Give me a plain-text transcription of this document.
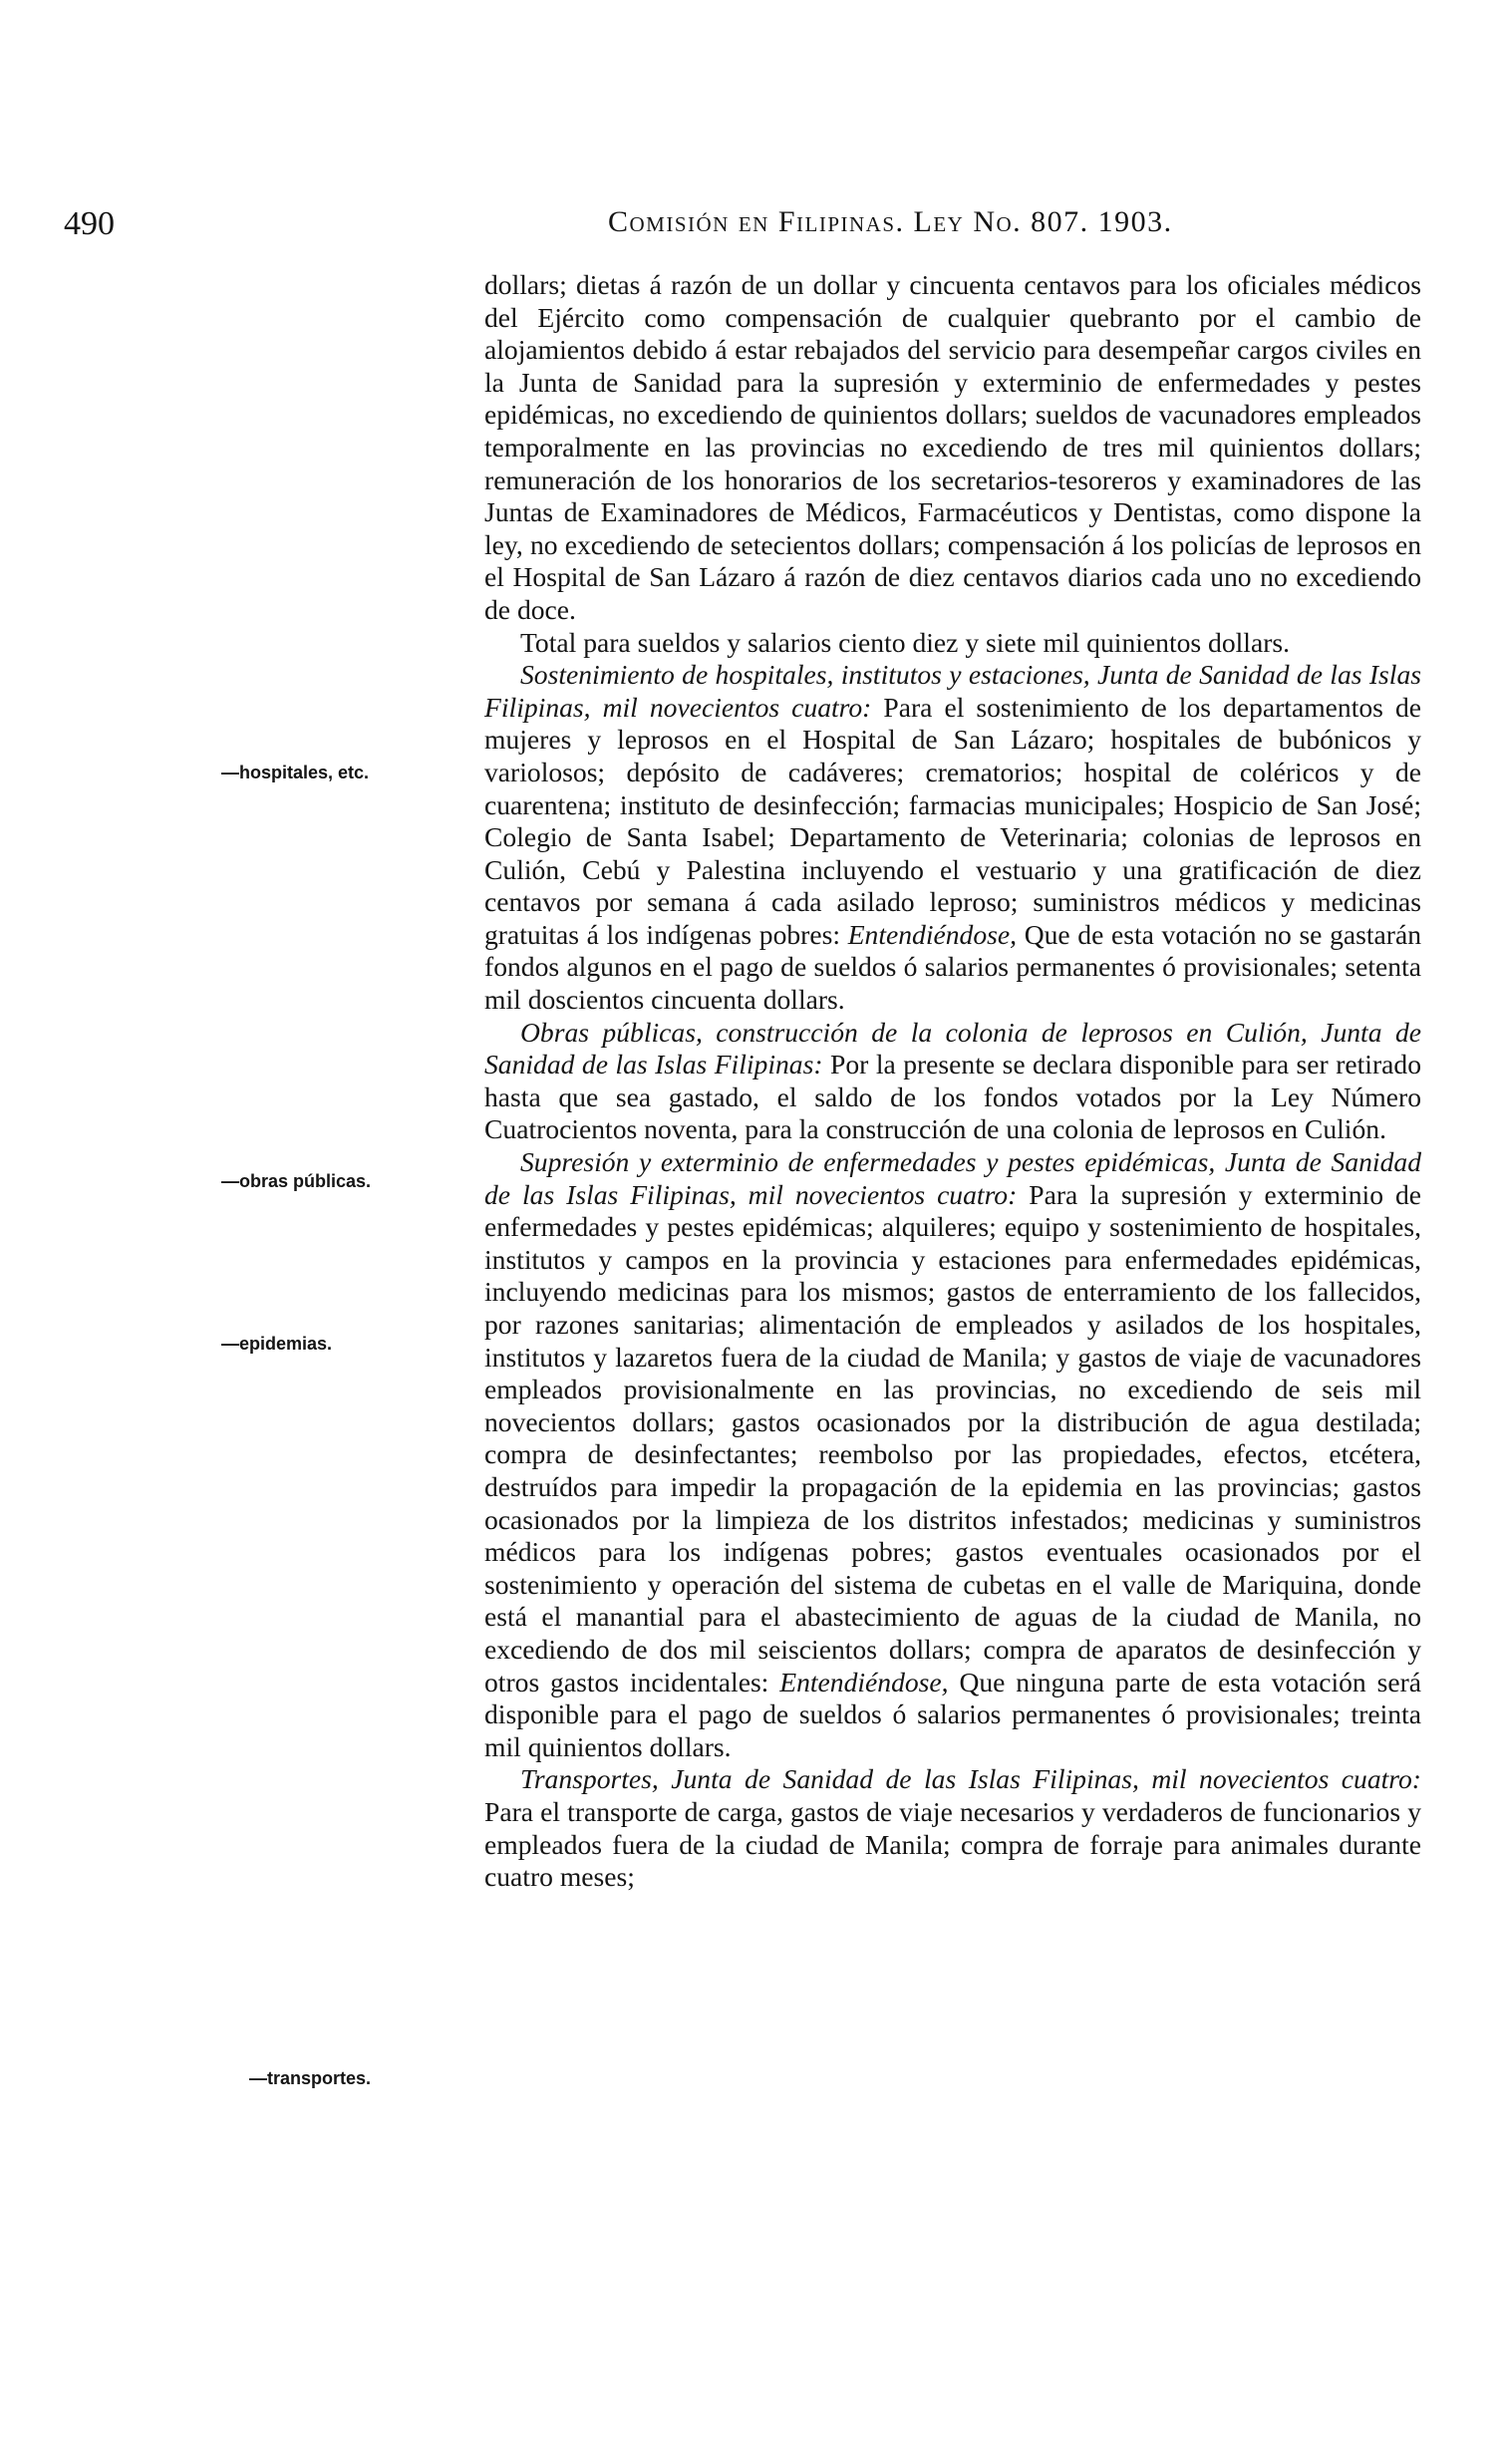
490	Comisión en Filipinas. Ley No. 807. 1903.
—hospitales, etc.
—obras públicas.
—epidemias.
—transportes.

dollars; dietas á razón de un dollar y cincuenta centavos para los oficiales médicos del Ejército como compensación de cualquier quebranto por el cambio de alojamientos debido á estar rebajados del servicio para desempeñar cargos civiles en la Junta de Sanidad para la supresión y exterminio de enfermedades y pestes epidémicas, no excediendo de quinientos dollars; sueldos de vacunadores empleados temporalmente en las provincias no excediendo de tres mil quinientos dollars; remuneración de los honorarios de los secretarios-tesoreros y examinadores de las Juntas de Examinadores de Médicos, Farmacéuticos y Dentistas, como dispone la ley, no excediendo de setecientos dollars; compensación á los policías de leprosos en el Hospital de San Lázaro á razón de diez centavos diarios cada uno no excediendo de doce.

Total para sueldos y salarios ciento diez y siete mil quinientos dollars.

Sostenimiento de hospitales, institutos y estaciones, Junta de Sanidad de las Islas Filipinas, mil novecientos cuatro: Para el sostenimiento de los departamentos de mujeres y leprosos en el Hospital de San Lázaro; hospitales de bubónicos y variolosos; depósito de cadáveres; crematorios; hospital de coléricos y de cuarentena; instituto de desinfección; farmacias municipales; Hospicio de San José; Colegio de Santa Isabel; Departamento de Veterinaria; colonias de leprosos en Culión, Cebú y Palestina incluyendo el vestuario y una gratificación de diez centavos por semana á cada asilado leproso; suministros médicos y medicinas gratuitas á los indígenas pobres: Entendiéndose, Que de esta votación no se gastarán fondos algunos en el pago de sueldos ó salarios permanentes ó provisionales; setenta mil doscientos cincuenta dollars.

Obras públicas, construcción de la colonia de leprosos en Culión, Junta de Sanidad de las Islas Filipinas: Por la presente se declara disponible para ser retirado hasta que sea gastado, el saldo de los fondos votados por la Ley Número Cuatrocientos noventa, para la construcción de una colonia de leprosos en Culión.

Supresión y exterminio de enfermedades y pestes epidémicas, Junta de Sanidad de las Islas Filipinas, mil novecientos cuatro: Para la supresión y exterminio de enfermedades y pestes epidémicas; alquileres; equipo y sostenimiento de hospitales, institutos y campos en la provincia y estaciones para enfermedades epidémicas, incluyendo medicinas para los mismos; gastos de enterramiento de los fallecidos, por razones sanitarias; alimentación de empleados y asilados de los hospitales, institutos y lazaretos fuera de la ciudad de Manila; y gastos de viaje de vacunadores empleados provisionalmente en las provincias, no excediendo de seis mil novecientos dollars; gastos ocasionados por la distribución de agua destilada; compra de desinfectantes; reembolso por las propiedades, efectos, etcétera, destruídos para impedir la propagación de la epidemia en las provincias; gastos ocasionados por la limpieza de los distritos infestados; medicinas y suministros médicos para los indígenas pobres; gastos eventuales ocasionados por el sostenimiento y operación del sistema de cubetas en el valle de Mariquina, donde está el manantial para el abastecimiento de aguas de la ciudad de Manila, no excediendo de dos mil seiscientos dollars; compra de aparatos de desinfección y otros gastos incidentales: Entendiéndose, Que ninguna parte de esta votación será disponible para el pago de sueldos ó salarios permanentes ó provisionales; treinta mil quinientos dollars.

Transportes, Junta de Sanidad de las Islas Filipinas, mil novecientos cuatro: Para el transporte de carga, gastos de viaje necesarios y verdaderos de funcionarios y empleados fuera de la ciudad de Manila; compra de forraje para animales durante cuatro meses;
